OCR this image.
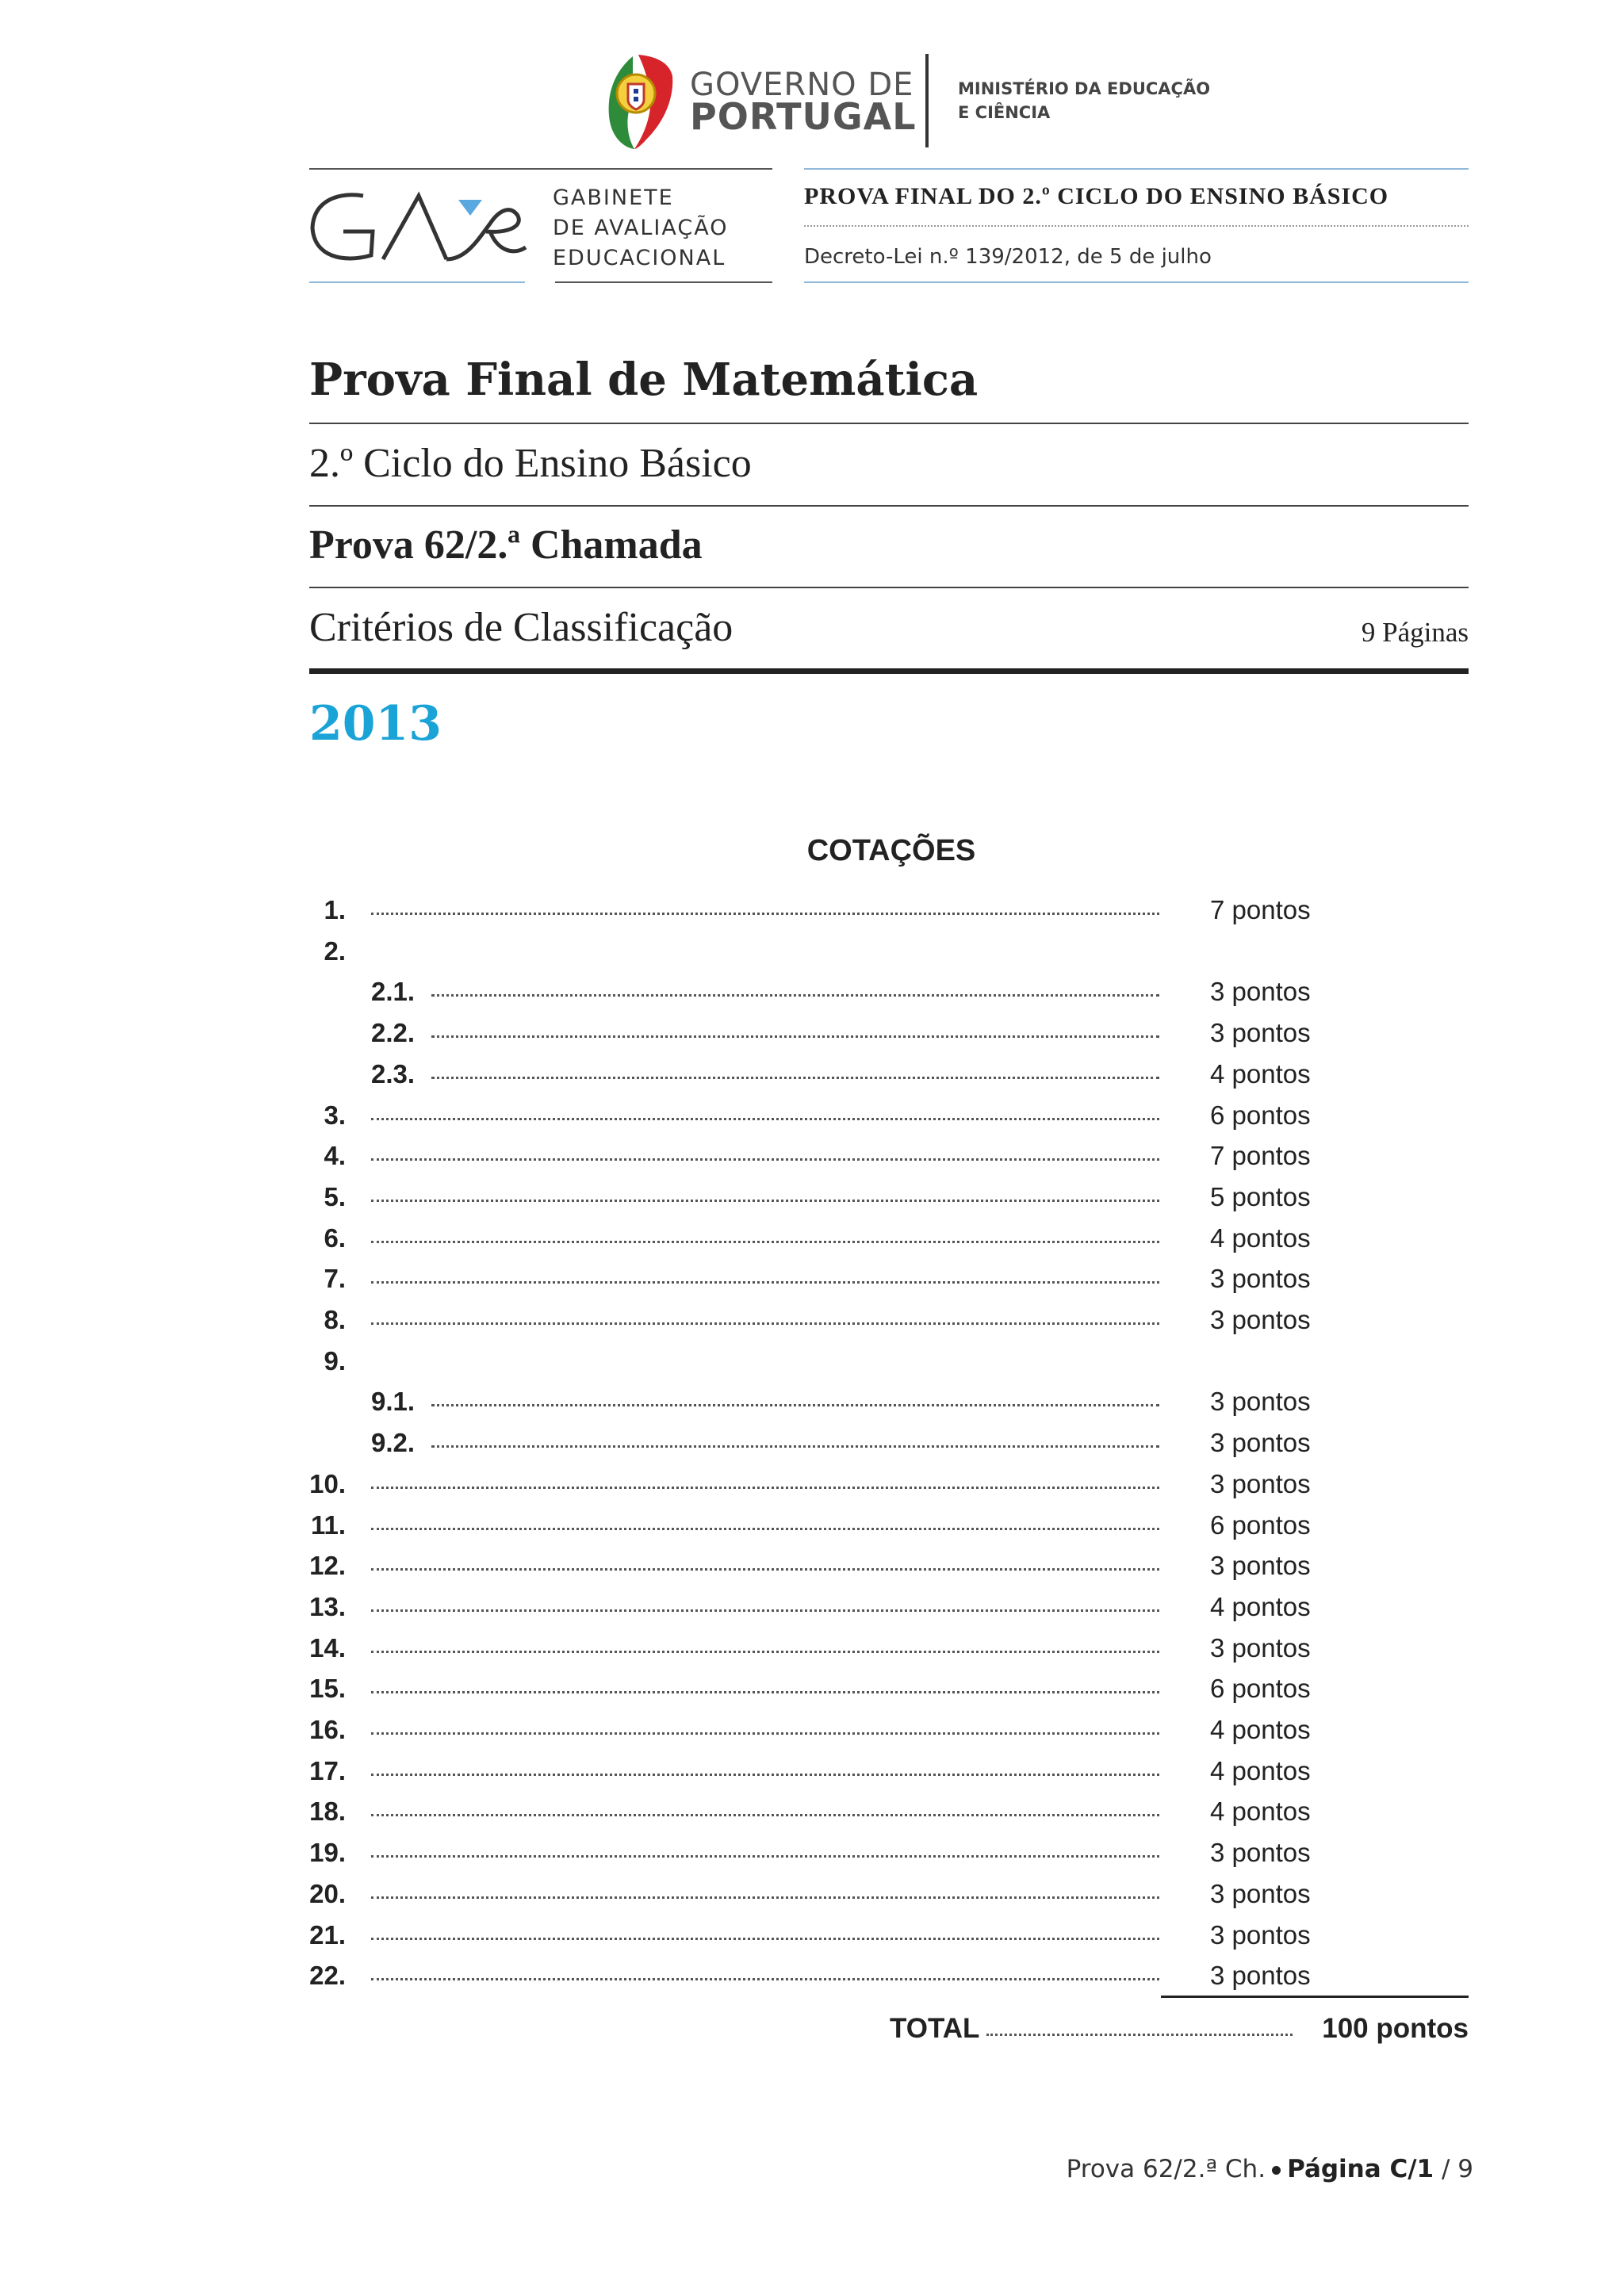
GOVERNO DE
PORTUGAL
MINISTÉRIO DA EDUCAÇÃO
E CIÊNCIA
GABINETE
DE AVALIAÇÃO
EDUCACIONAL
PROVA FINAL DO 2.º CICLO DO ENSINO BÁSICO
Decreto-Lei n.º 139/2012, de 5 de julho
Prova Final de Matemática
2.º Ciclo do Ensino Básico
Prova 62/2.ª Chamada
Critérios de Classificação	9 Páginas
2013
COTAÇÕES
1.	7 pontos
2.
2.1.	3 pontos
2.2.	3 pontos
2.3.	4 pontos
3.	6 pontos
4.	7 pontos
5.	5 pontos
6.	4 pontos
7.	3 pontos
8.	3 pontos
9.
9.1.	3 pontos
9.2.	3 pontos
10.	3 pontos
11.	6 pontos
12.	3 pontos
13.	4 pontos
14.	3 pontos
15.	6 pontos
16.	4 pontos
17.	4 pontos
18.	4 pontos
19.	3 pontos
20.	3 pontos
21.	3 pontos
22.	3 pontos
TOTAL	100 pontos
Prova 62/2.ª Ch. Página C/1 / 9
